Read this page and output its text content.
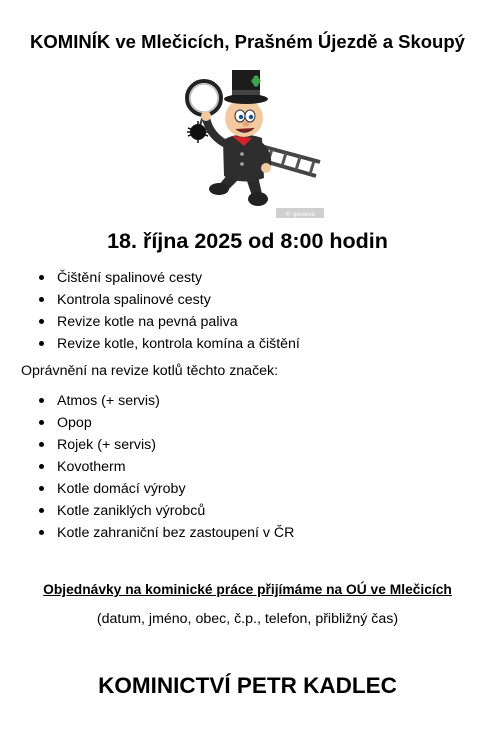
KOMINÍK ve Mlečicích, Prašném Újezdě a Skoupý
© gooeve
18. října 2025 od 8:00 hodin
Čištění spalinové cesty
Kontrola spalinové cesty
Revize kotle na pevná paliva
Revize kotle, kontrola komína a čištění
Oprávnění na revize kotlů těchto značek:
Atmos (+ servis)
Opop
Rojek (+ servis)
Kovotherm
Kotle domácí výroby
Kotle zaniklých výrobců
Kotle zahraniční bez zastoupení v ČR
Objednávky na kominické práce přijímáme na OÚ ve Mlečicích
(datum, jméno, obec, č.p., telefon, přibližný čas)
KOMINICTVÍ PETR KADLEC
